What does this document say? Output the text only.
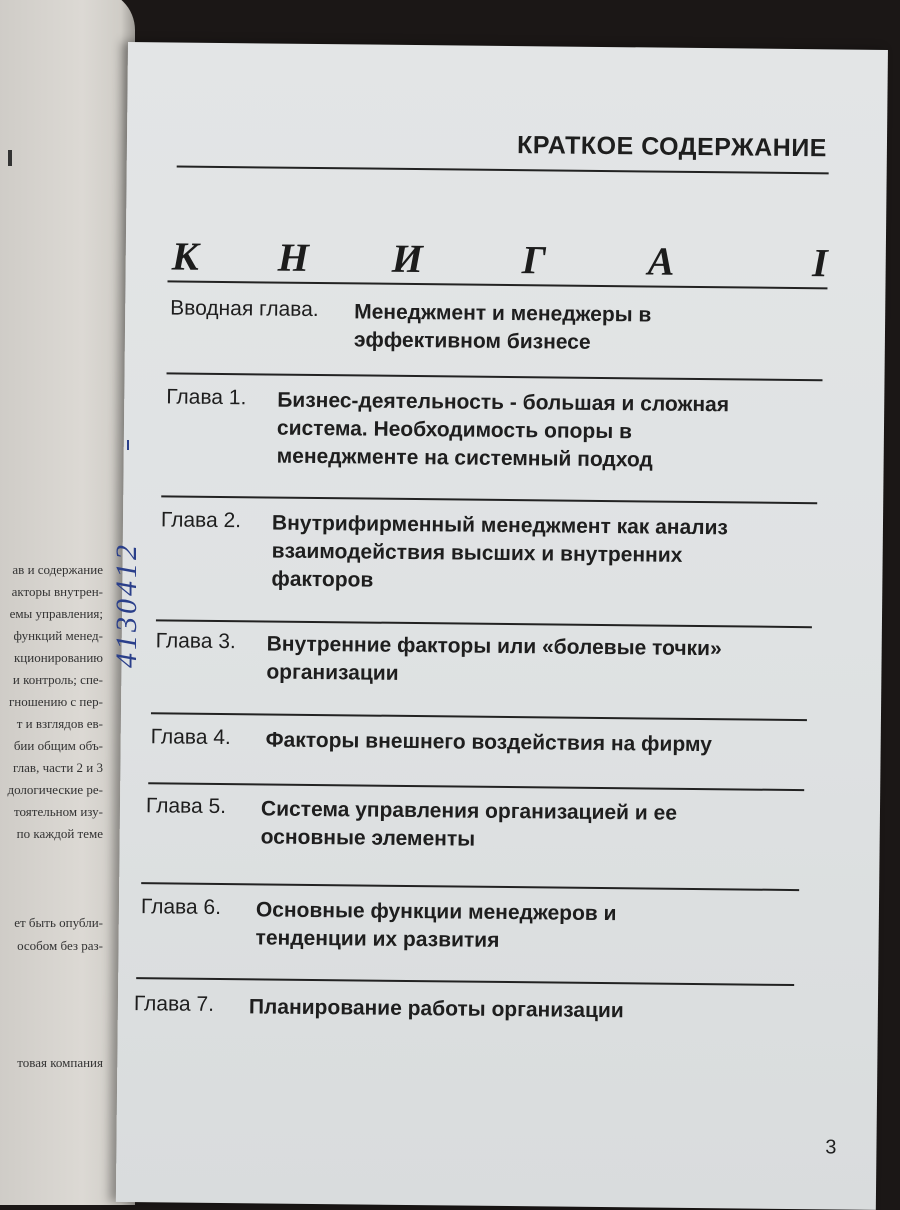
ав и содержание
акторы внутрен-
емы управления;
функций менед-
кционированию
и контроль; спе-
гношению с пер-
т и взглядов ев-
бии общим объ-
глав, части 2 и 3
дологические ре-
тоятельном изу-
по каждой теме
ет быть опубли-
особом без раз-
товая компания
​
КРАТКОЕ СОДЕРЖАНИЕ
К Н И Г	А	I
Вводная глава. Менеджмент и менеджеры в
эффективном бизнесе
Глава 1. Бизнес-деятельность - большая и сложная
система. Необходимость опоры в
менеджменте на системный подход
Глава 2. Внутрифирменный менеджмент как анализ
взаимодействия высших и внутренних
факторов
Глава 3. Внутренние факторы или «болевые точки»
организации
Глава 4. Факторы внешнего воздействия на фирму
Глава 5. Система управления организацией и ее
основные элементы
Глава 6. Основные функции менеджеров и
тенденции их развития
Глава 7. Планирование работы организации
3
4130412
